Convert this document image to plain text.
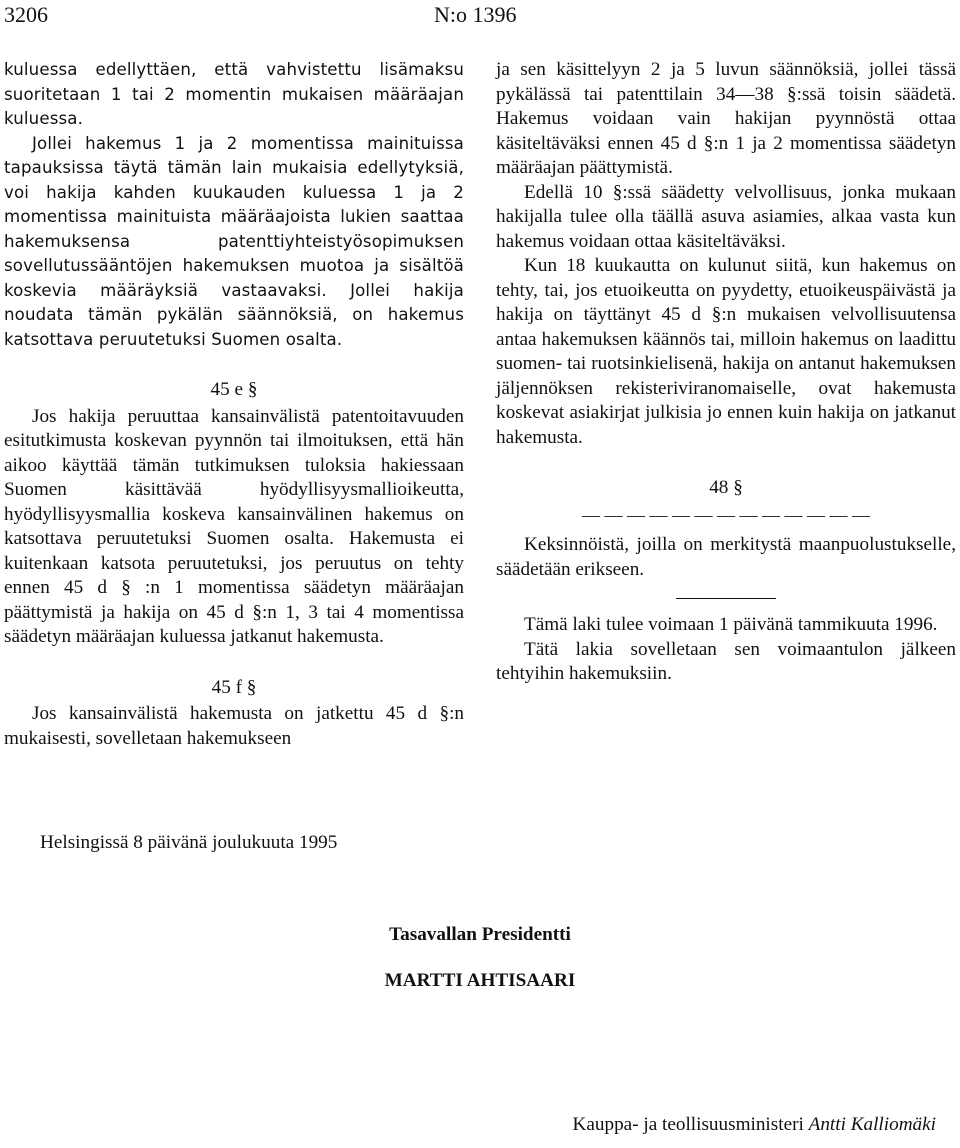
3206	N:o 1396

kuluessa edellyttäen, että vahvistettu lisämaksu suoritetaan 1 tai 2 momentin mukaisen määräajan kuluessa.

Jollei hakemus 1 ja 2 momentissa mainituissa tapauksissa täytä tämän lain mukaisia edellytyksiä, voi hakija kahden kuukauden kuluessa 1 ja 2 momentissa mainituista määräajoista lukien saattaa hakemuksensa patenttiyhteistyösopimuksen sovellutussääntöjen hakemuksen muotoa ja sisältöä koskevia määräyksiä vastaavaksi. Jollei hakija noudata tämän pykälän säännöksiä, on hakemus katsottava peruutetuksi Suomen osalta.

45 e §

Jos hakija peruuttaa kansainvälistä patentoitavuuden esitutkimusta koskevan pyynnön tai ilmoituksen, että hän aikoo käyttää tämän tutkimuksen tuloksia hakiessaan Suomen käsittävää hyödyllisyysmallioikeutta, hyödyllisyysmallia koskeva kansainvälinen hakemus on katsottava peruutetuksi Suomen osalta. Hakemusta ei kuitenkaan katsota peruutetuksi, jos peruutus on tehty ennen 45 d § :n 1 momentissa säädetyn määräajan päättymistä ja hakija on 45 d §:n 1, 3 tai 4 momentissa säädetyn määräajan kuluessa jatkanut hakemusta.

45 f §

Jos kansainvälistä hakemusta on jatkettu 45 d §:n mukaisesti, sovelletaan hakemukseen

ja sen käsittelyyn 2 ja 5 luvun säännöksiä, jollei tässä pykälässä tai patenttilain 34—38 §:ssä toisin säädetä. Hakemus voidaan vain hakijan pyynnöstä ottaa käsiteltäväksi ennen 45 d §:n 1 ja 2 momentissa säädetyn määräajan päättymistä.

Edellä 10 §:ssä säädetty velvollisuus, jonka mukaan hakijalla tulee olla täällä asuva asiamies, alkaa vasta kun hakemus voidaan ottaa käsiteltäväksi.

Kun 18 kuukautta on kulunut siitä, kun hakemus on tehty, tai, jos etuoikeutta on pyydetty, etuoikeuspäivästä ja hakija on täyttänyt 45 d §:n mukaisen velvollisuutensa antaa hakemuksen käännös tai, milloin hakemus on laadittu suomen- tai ruotsinkielisenä, hakija on antanut hakemuksen jäljennöksen rekisteriviranomaiselle, ovat hakemusta koskevat asiakirjat julkisia jo ennen kuin hakija on jatkanut hakemusta.

48 §

— — — — — — — — — — — — —

Keksinnöistä, joilla on merkitystä maanpuolustukselle, säädetään erikseen.

Tämä laki tulee voimaan 1 päivänä tammikuuta 1996.

Tätä lakia sovelletaan sen voimaantulon jälkeen tehtyihin hakemuksiin.

Helsingissä 8 päivänä joulukuuta 1995
Tasavallan Presidentti
MARTTI AHTISAARI
Kauppa- ja teollisuusministeri Antti Kalliomäki
